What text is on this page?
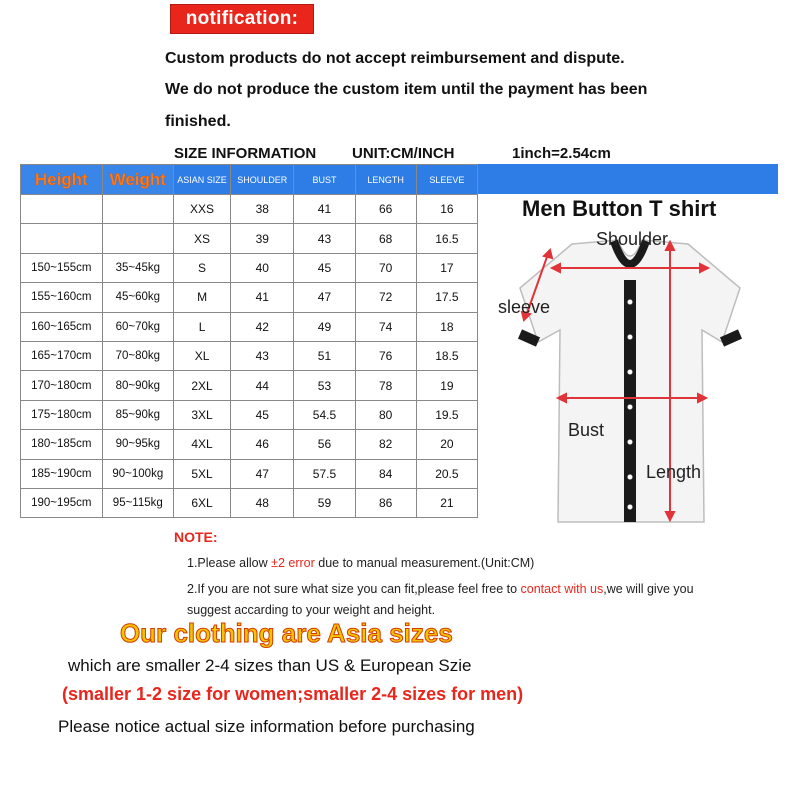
notification:
Custom products do not accept reimbursement and dispute.
We do not produce the custom item until the payment has been
finished.
SIZE INFORMATION	UNIT:CM/INCH	1inch=2.54cm
Height	Weight	ASIAN SIZE	SHOULDER	BUST	LENGTH	SLEEVE
		XXS	38	41	66	16
		XS	39	43	68	16.5
150~155cm	35~45kg	S	40	45	70	17
155~160cm	45~60kg	M	41	47	72	17.5
160~165cm	60~70kg	L	42	49	74	18
165~170cm	70~80kg	XL	43	51	76	18.5
170~180cm	80~90kg	2XL	44	53	78	19
175~180cm	85~90kg	3XL	45	54.5	80	19.5
180~185cm	90~95kg	4XL	46	56	82	20
185~190cm	90~100kg	5XL	47	57.5	84	20.5
190~195cm	95~115kg	6XL	48	59	86	21
Men Button T shirt
Shoulder
sleeve
Bust
Length
NOTE:
1.Please allow ±2 error due to manual measurement.(Unit:CM)
2.If you are not sure what size you can fit,please feel free to contact with us,we will give you
suggest accarding to your weight and height.
Our clothing are Asia sizes
which are smaller 2-4 sizes than US & European Szie
(smaller 1-2 size for women;smaller 2-4 sizes for men)
Please notice actual size information before purchasing
